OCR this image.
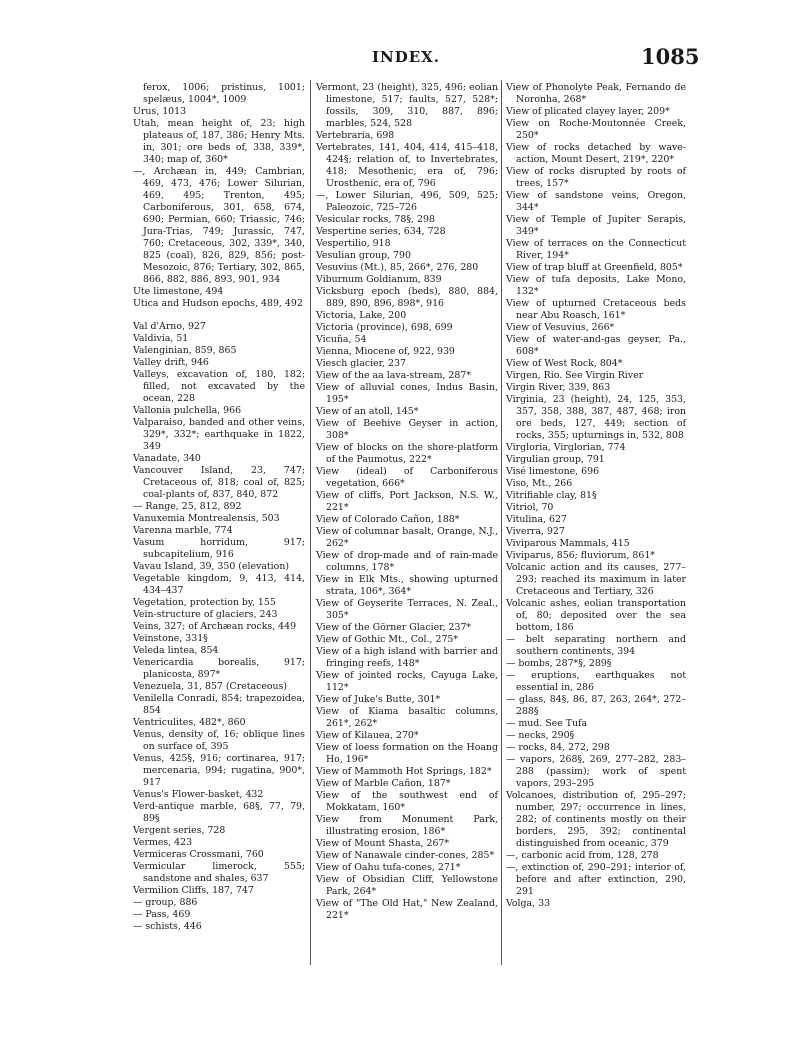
INDEX.	1085

ferox, 1006; pristinus, 1001; spelæus, 1004*, 1009

Urus, 1013

Utah, mean height of, 23; high plateaus of, 187, 386; Henry Mts. in, 301; ore beds of, 338, 339*, 340; map of, 360*

—, Archæan in, 449; Cambrian, 469, 473, 476; Lower Silurian, 469, 495; Trenton, 495; Carboniferous, 301, 658, 674, 690; Permian, 660; Triassic, 746; Jura-Trias, 749; Jurassic, 747, 760; Cretaceous, 302, 339*, 340, 825 (coal), 826, 829, 856; post-Mesozoic, 876; Tertiary, 302, 865, 866, 882, 886, 893, 901, 934

Ute limestone, 494

Utica and Hudson epochs, 489, 492

Val d'Arno, 927

Valdivia, 51

Valenginian, 859, 865

Valley drift, 946

Valleys, excavation of, 180, 182; filled, not excavated by the ocean, 228

Vallonia pulchella, 966

Valparaiso, banded and other veins, 329*, 332*; earthquake in 1822, 349

Vanadate, 340

Vancouver Island, 23, 747; Cretaceous of, 818; coal of, 825; coal-plants of, 837, 840, 872

— Range, 25, 812, 892

Vanuxemia Montrealensis, 503

Varenna marble, 774

Vasum horridum, 917; subcapitelium, 916

Vavau Island, 39, 350 (elevation)

Vegetable kingdom, 9, 413, 414, 434–437

Vegetation, protection by, 155

Vein-structure of glaciers, 243

Veins, 327; of Archæan rocks, 449

Veinstone, 331§

Veleda lintea, 854

Venericardia borealis, 917; planicosta, 897*

Venezuela, 31, 857 (Cretaceous)

Venilella Conradi, 854; trapezoidea, 854

Ventriculites, 482*, 860

Venus, density of, 16; oblique lines on surface of, 395

Venus, 425§, 916; cortinarea, 917; mercenaria, 994; rugatina, 900*, 917

Venus's Flower-basket, 432

Verd-antique marble, 68§, 77, 79, 89§

Vergent series, 728

Vermes, 423

Vermiceras Crossmani, 760

Vermicular limerock, 555; sandstone and shales, 637

Vermilion Cliffs, 187, 747

— group, 886

— Pass, 469

— schists, 446

Vermont, 23 (height), 325, 496; eolian limestone, 517; faults, 527, 528*; fossils, 309, 310, 887, 896; marbles, 524, 528

Vertebraria, 698

Vertebrates, 141, 404, 414, 415–418, 424§; relation of, to Invertebrates, 418; Mesothenic, era of, 796; Urosthenic, era of, 796

—, Lower Silurian, 496, 509, 525; Paleozoic, 725–726

Vesicular rocks, 78§, 298

Vespertine series, 634, 728

Vespertilio, 918

Vesulian group, 790

Vesuvius (Mt.), 85, 266*, 276, 280

Viburnum Goldianum, 839

Vicksburg epoch (beds), 880, 884, 889, 890, 896, 898*, 916

Victoria, Lake, 200

Victoria (province), 698, 699

Vicuña, 54

Vienna, Miocene of, 922, 939

Viesch glacier, 237

View of the aa lava-stream, 287*

View of alluvial cones, Indus Basin, 195*

View of an atoll, 145*

View of Beehive Geyser in action, 308*

View of blocks on the shore-platform of the Paumotus, 222*

View (ideal) of Carboniferous vegetation, 666*

View of cliffs, Port Jackson, N.S. W., 221*

View of Colorado Cañon, 188*

View of columnar basalt, Orange, N.J., 262*

View of drop-made and of rain-made columns, 178*

View in Elk Mts., showing upturned strata, 106*, 364*

View of Geyserite Terraces, N. Zeal., 305*

View of the Görner Glacier, 237*

View of Gothic Mt., Col., 275*

View of a high island with barrier and fringing reefs, 148*

View of jointed rocks, Cayuga Lake, 112*

View of Juke's Butte, 301*

View of Kiama basaltic columns, 261*, 262*

View of Kilauea, 270*

View of loess formation on the Hoang Ho, 196*

View of Mammoth Hot Springs, 182*

View of Marble Cañon, 187*

View of the southwest end of Mokkatam, 160*

View from Monument Park, illustrating erosion, 186*

View of Mount Shasta, 267*

View of Nanawale cinder-cones, 285*

View of Oahu tufa-cones, 271*

View of Obsidian Cliff, Yellowstone Park, 264*

View of "The Old Hat," New Zealand, 221*

View of Phonolyte Peak, Fernando de Noronha, 268*

View of plicated clayey layer, 209*

View on Roche-Moutonnée Creek, 250*

View of rocks detached by wave-action, Mount Desert, 219*, 220*

View of rocks disrupted by roots of trees, 157*

View of sandstone veins, Oregon, 344*

View of Temple of Jupiter Serapis, 349*

View of terraces on the Connecticut River, 194*

View of trap bluff at Greenfield, 805*

View of tufa deposits, Lake Mono, 132*

View of upturned Cretaceous beds near Abu Roasch, 161*

View of Vesuvius, 266*

View of water-and-gas geyser, Pa., 608*

View of West Rock, 804*

Virgen, Rio. See Virgin River

Virgin River, 339, 863

Virginia, 23 (height), 24, 125, 353, 357, 358, 388, 387, 487, 468; iron ore beds, 127, 449; section of rocks, 355; upturnings in, 532, 808

Virgloria, Virglorian, 774

Virgulian group, 791

Visé limestone, 696

Viso, Mt., 266

Vitrifiable clay, 81§

Vitriol, 70

Vitulina, 627

Viverra, 927

Viviparous Mammals, 415

Viviparus, 856; fluviorum, 861*

Volcanic action and its causes, 277–293; reached its maximum in later Cretaceous and Tertiary, 326

Volcanic ashes, eolian transportation of, 80; deposited over the sea bottom, 186

— belt separating northern and southern continents, 394

— bombs, 287*§, 289§

— eruptions, earthquakes not essential in, 286

— glass, 84§, 86, 87, 263, 264*, 272–288§

— mud. See Tufa

— necks, 290§

— rocks, 84, 272, 298

— vapors, 268§, 269, 277–282, 283–288 (passim); work of spent vapors, 293–295

Volcanoes, distribution of, 295–297; number, 297; occurrence in lines, 282; of continents mostly on their borders, 295, 392; continental distinguished from oceanic, 379

—, carbonic acid from, 128, 278

—, extinction of, 290–291; interior of, before and after extinction, 290, 291

Volga, 33
